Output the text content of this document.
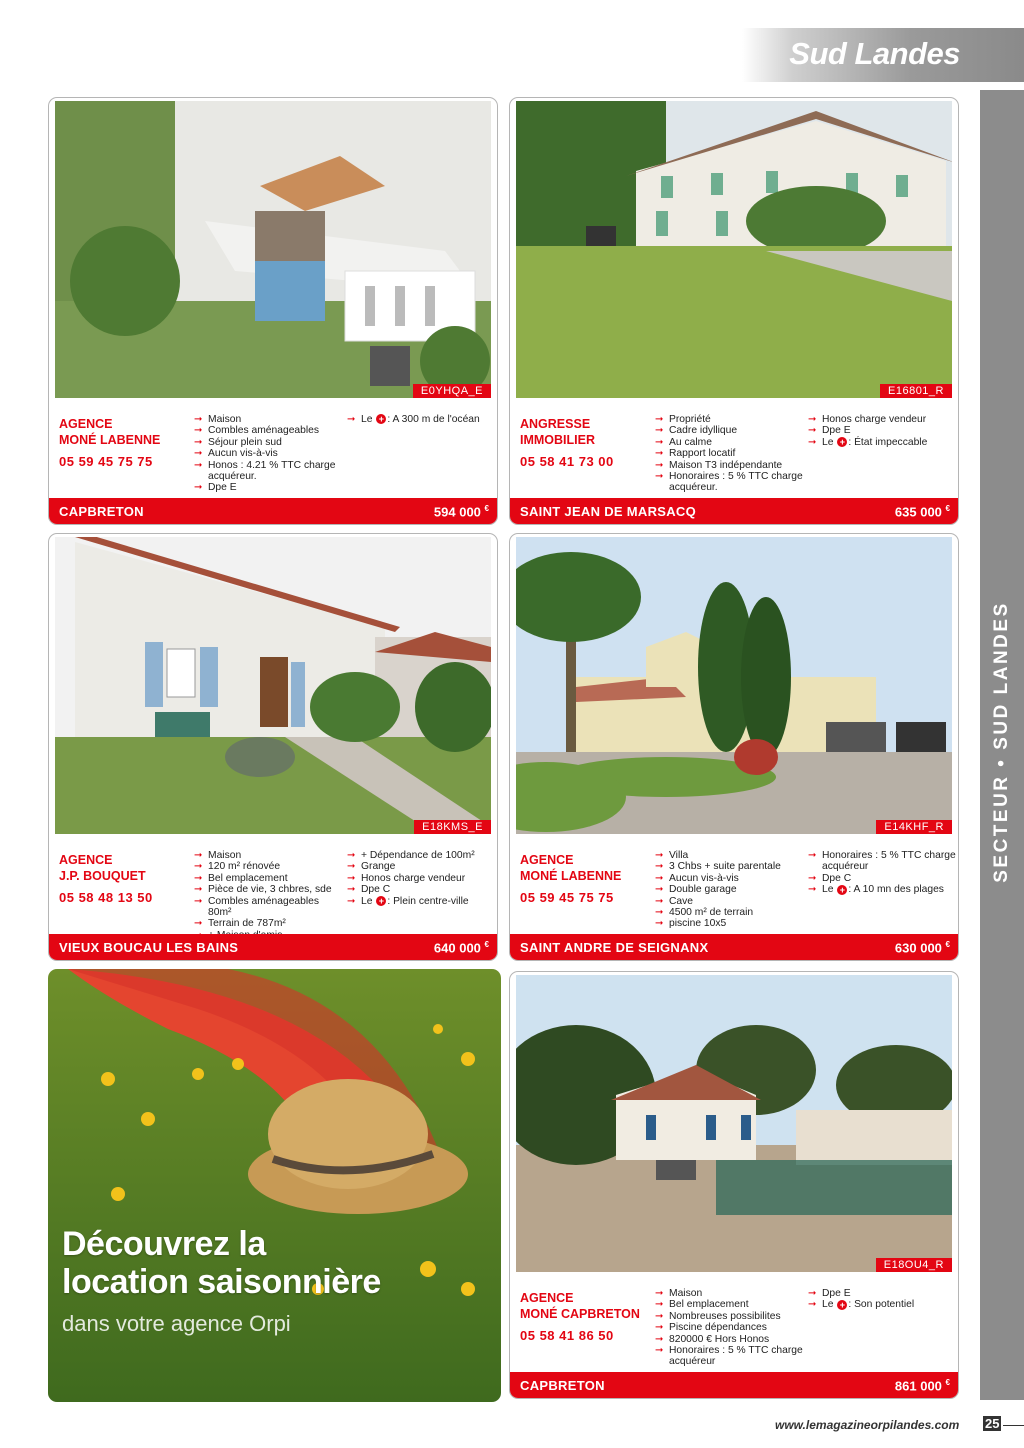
Sud Landes
SECTEUR • SUD LANDES
E0YHQA_E
AGENCE
MONÉ LABENNE
05 59 45 75 75
➞ Maison
➞ Combles aménageables
➞ Séjour plein sud
➞ Aucun vis-à-vis
➞ Honos : 4.21 % TTC charge acquéreur.
➞ Dpe E
➞ Le + : A 300 m de l'océan
CAPBRETON	594 000 €
E16801_R
ANGRESSE
IMMOBILIER
05 58 41 73 00
➞ Propriété
➞ Cadre idyllique
➞ Au calme
➞ Rapport locatif
➞ Maison T3 indépendante
➞ Honoraires : 5 % TTC charge acquéreur.
➞ Honos charge vendeur
➞ Dpe E
➞ Le + : État impeccable
SAINT JEAN DE MARSACQ	635 000 €
E18KMS_E
AGENCE
J.P. BOUQUET
05 58 48 13 50
➞ Maison
➞ 120 m² rénovée
➞ Bel emplacement
➞ Pièce de vie, 3 chbres, sde
➞ Combles aménageables 80m²
➞ Terrain de 787m²
➞
➞ + Dépendance de 100m²
➞ Grange
➞ Honos charge vendeur
➞ Dpe C
➞ Le + : Plein centre-ville
VIEUX BOUCAU LES BAINS	640 000 €
E14KHF_R
AGENCE
MONÉ LABENNE
05 59 45 75 75
➞ Villa
➞ 3 Chbs + suite parentale
➞ Aucun vis-à-vis
➞ Double garage
➞ Cave
➞ 4500 m² de terrain
➞ piscine 10x5
➞ Honoraires : 5 % TTC charge acquéreur
➞ Dpe C
➞ Le + : A 10 mn des plages
SAINT ANDRE DE SEIGNANX	630 000 €
Découvrez la
location saisonnière
dans votre agence Orpi
E18OU4_R
AGENCE
MONÉ CAPBRETON
05 58 41 86 50
➞ Maison
➞ Bel emplacement
➞ Nombreuses possibilites
➞ Piscine dépendances
➞ 820000 € Hors Honos
➞ Honoraires : 5 % TTC charge acquéreur
➞ Dpe E
➞ Le + : Son potentiel
CAPBRETON	861 000 €
www.lemagazineorpilandes.com 25
